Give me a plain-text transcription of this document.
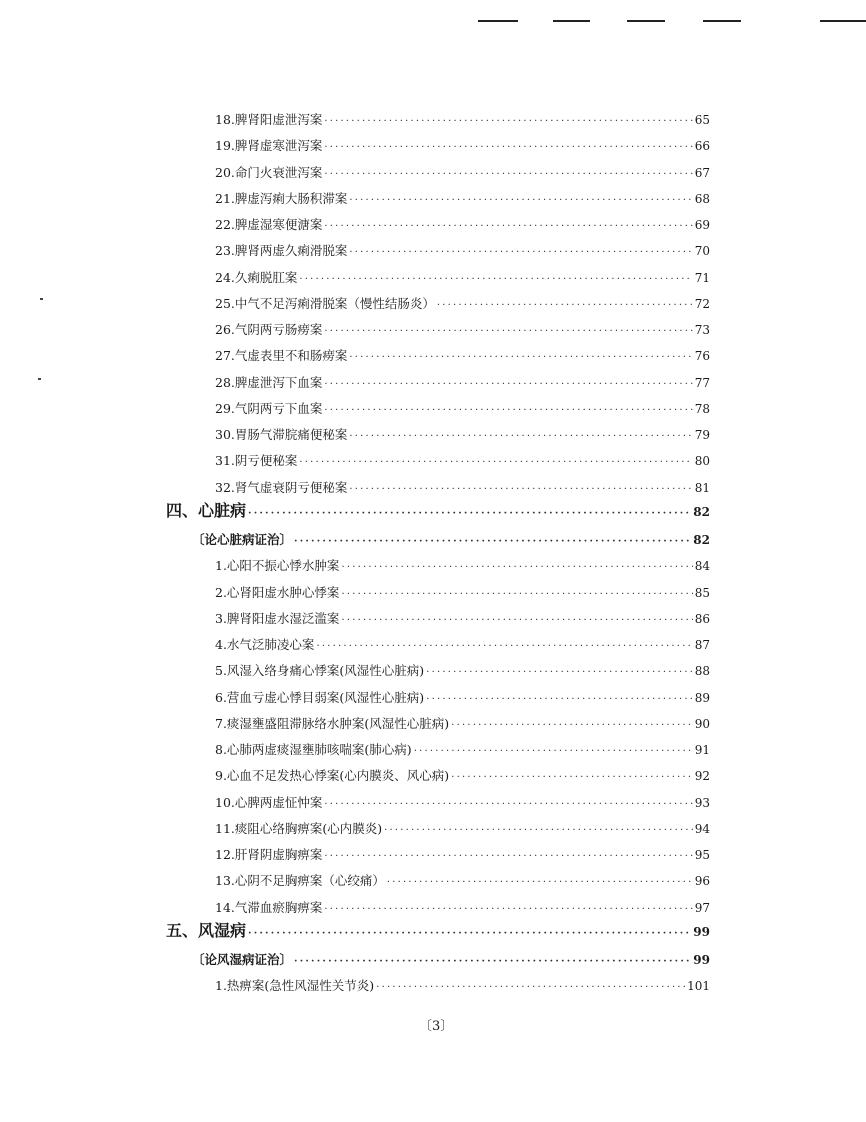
18.脾肾阳虚泄泻案 ·····	65
19.脾肾虚寒泄泻案 ·····	66
20.命门火衰泄泻案 ·····	67
21.脾虚泻痢大肠积滞案 ·····	68
22.脾虚湿寒便溏案 ·····	69
23.脾肾两虚久痢滑脱案 ·····	70
24.久痢脱肛案 ·····	71
25.中气不足泻痢滑脱案（慢性结肠炎） ·····	72
26.气阴两亏肠痨案 ·····	73
27.气虚表里不和肠痨案 ·····	76
28.脾虚泄泻下血案 ·····	77
29.气阴两亏下血案 ·····	78
30.胃肠气滞脘痛便秘案 ·····	79
31.阴亏便秘案 ·····	80
32.肾气虚衰阴亏便秘案 ·····	81
四、心脏病 ·····	82
〔论心脏病证治〕 ·····	82
1.心阳不振心悸水肿案 ·····	84
2.心肾阳虚水肿心悸案 ·····	85
3.脾肾阳虚水湿泛滥案 ·····	86
4.水气泛肺凌心案 ·····	87
5.风湿入络身痛心悸案(风湿性心脏病) ·····	88
6.营血亏虚心悸目弱案(风湿性心脏病) ·····	89
7.痰湿壅盛阻滞脉络水肿案(风湿性心脏病) ·····	90
8.心肺两虚痰湿壅肺咳喘案(肺心病) ·····	91
9.心血不足发热心悸案(心内膜炎、风心病) ·····	92
10.心脾两虚怔忡案 ·····	93
11.痰阻心络胸痹案(心内膜炎) ·····	94
12.肝肾阴虚胸痹案 ·····	95
13.心阴不足胸痹案（心绞痛） ·····	96
14.气滞血瘀胸痹案 ·····	97
五、风湿病 ·····	99
〔论风湿病证治〕 ·····	99
1.热痹案(急性风湿性关节炎) ·····	101
〔3〕
